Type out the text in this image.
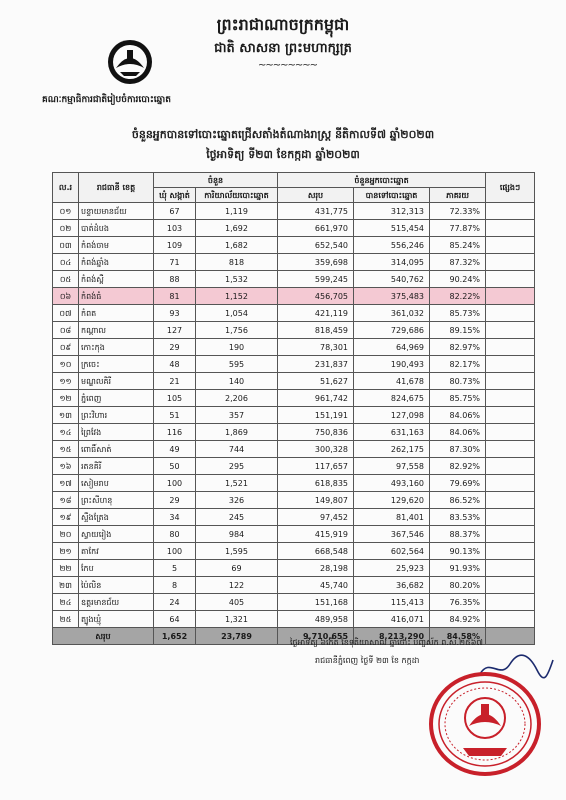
ព្រះរាជាណាចក្រកម្ពុជា
ជាតិ សាសនា ព្រះមហាក្សត្រ
~~~~~~~~
គណៈកម្មាធិការជាតិរៀបចំការបោះឆ្នោត
ចំនួនអ្នកបានទៅបោះឆ្នោតជ្រើសតាំងតំណាងរាស្ត្រ នីតិកាលទី៧ ឆ្នាំ២០២៣
ថ្ងៃអាទិត្យ ទី២៣ ខែកក្កដា ឆ្នាំ២០២៣
ល.រ	រាជធានី ខេត្ត	ចំនួន		ចំនួនអ្នកបោះឆ្នោត			ផ្សេងៗ
		ឃុំ សង្កាត់	ការិយាល័យបោះឆ្នោត	សរុប	បានទៅបោះឆ្នោត	ភាគរយ	
០១	បន្ទាយមានជ័យ	67	1,119	431,775	312,313	72.33%	
០២	បាត់ដំបង	103	1,692	661,970	515,454	77.87%	
០៣	កំពង់ចាម	109	1,682	652,540	556,246	85.24%	
០៤	កំពង់ឆ្នាំង	71	818	359,698	314,095	87.32%	
០៥	កំពង់ស្ពឺ	88	1,532	599,245	540,762	90.24%	
០៦	កំពង់ធំ	81	1,152	456,705	375,483	82.22%	
០៧	កំពត	93	1,054	421,119	361,032	85.73%	
០៨	កណ្ដាល	127	1,756	818,459	729,686	89.15%	
០៩	កោះកុង	29	190	78,301	64,969	82.97%	
១០	ក្រចេះ	48	595	231,837	190,493	82.17%	
១១	មណ្ឌលគិរី	21	140	51,627	41,678	80.73%	
១២	ភ្នំពេញ	105	2,206	961,742	824,675	85.75%	
១៣	ព្រះវិហារ	51	357	151,191	127,098	84.06%	
១៤	ព្រៃវែង	116	1,869	750,836	631,163	84.06%	
១៥	ពោធិ៍សាត់	49	744	300,328	262,175	87.30%	
១៦	រតនគិរី	50	295	117,657	97,558	82.92%	
១៧	សៀមរាប	100	1,521	618,835	493,160	79.69%	
១៨	ព្រះសីហនុ	29	326	149,807	129,620	86.52%	
១៩	ស្ទឹងត្រែង	34	245	97,452	81,401	83.53%	
២០	ស្វាយរៀង	80	984	415,919	367,546	88.37%	
២១	តាកែវ	100	1,595	668,548	602,564	90.13%	
២២	កែប	5	69	28,198	25,923	91.93%	
២៣	ប៉ៃលិន	8	122	45,740	36,682	80.20%	
២៤	ឧត្តរមានជ័យ	24	405	151,168	115,413	76.35%	
២៥	ត្បូងឃ្មុំ	64	1,321	489,958	416,071	84.92%	
សរុប		1,652	23,789	9,710,655	8,213,290	84.58%	
ថ្ងៃអាទិត្យ ៦កើត ខែទុតិយាសាឍ ឆ្នាំថោះ បញ្ចស័ក ព.ស.២៥៦៧
រាជធានីភ្នំពេញ ថ្ងៃទី ២៣ ខែ កក្កដា
